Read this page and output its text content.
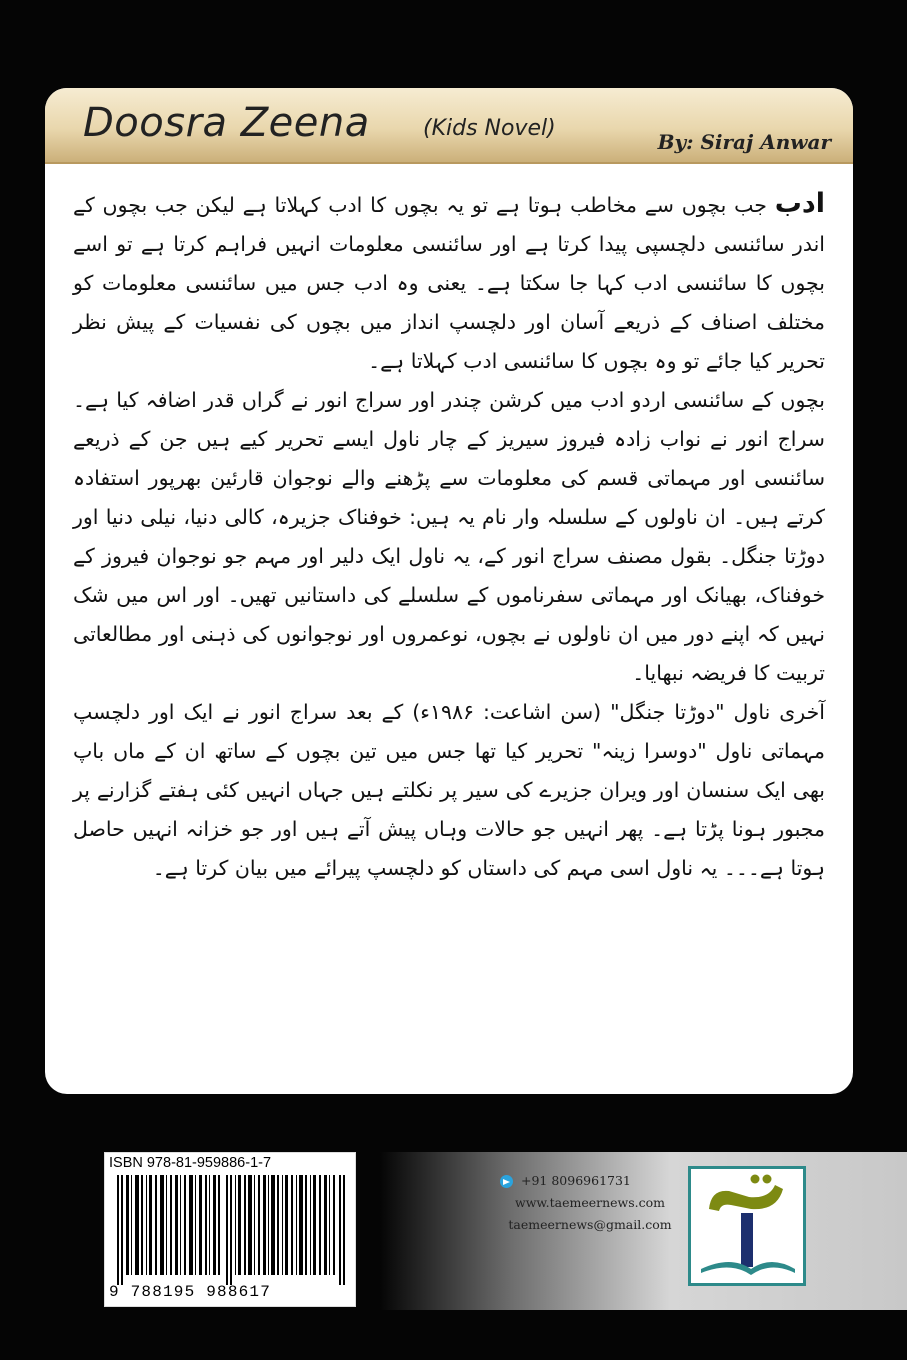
Doosra Zeena (Kids Novel)
By: Siraj Anwar

ادب جب بچوں سے مخاطب ہوتا ہے تو یہ بچوں کا ادب کہلاتا ہے لیکن جب بچوں کے اندر سائنسی دلچسپی پیدا کرتا ہے اور سائنسی معلومات انہیں فراہم کرتا ہے تو اسے بچوں کا سائنسی ادب کہا جا سکتا ہے۔ یعنی وہ ادب جس میں سائنسی معلومات کو مختلف اصناف کے ذریعے آسان اور دلچسپ انداز میں بچوں کی نفسیات کے پیش نظر تحریر کیا جائے تو وہ بچوں کا سائنسی ادب کہلاتا ہے۔

بچوں کے سائنسی اردو ادب میں کرشن چندر اور سراج انور نے گراں قدر اضافہ کیا ہے۔ سراج انور نے نواب زادہ فیروز سیریز کے چار ناول ایسے تحریر کیے ہیں جن کے ذریعے سائنسی اور مہماتی قسم کی معلومات سے پڑھنے والے نوجوان قارئین بھرپور استفادہ کرتے ہیں۔ ان ناولوں کے سلسلہ وار نام یہ ہیں: خوفناک جزیرہ، کالی دنیا، نیلی دنیا اور دوڑتا جنگل۔ بقول مصنف سراج انور کے، یہ ناول ایک دلیر اور مہم جو نوجوان فیروز کے خوفناک، بھیانک اور مہماتی سفرناموں کے سلسلے کی داستانیں تھیں۔ اور اس میں شک نہیں کہ اپنے دور میں ان ناولوں نے بچوں، نوعمروں اور نوجوانوں کی ذہنی اور مطالعاتی تربیت کا فریضہ نبھایا۔

آخری ناول "دوڑتا جنگل" (سن اشاعت: ۱۹۸۶ء) کے بعد سراج انور نے ایک اور دلچسپ مہماتی ناول "دوسرا زینہ" تحریر کیا تھا جس میں تین بچوں کے ساتھ ان کے ماں باپ بھی ایک سنسان اور ویران جزیرے کی سیر پر نکلتے ہیں جہاں انہیں کئی ہفتے گزارنے پر مجبور ہونا پڑتا ہے۔ پھر انہیں جو حالات وہاں پیش آتے ہیں اور جو خزانہ انہیں حاصل ہوتا ہے۔۔۔ یہ ناول اسی مہم کی داستاں کو دلچسپ پیرائے میں بیان کرتا ہے۔

ISBN 978-81-959886-1-7
9 788195 988617
+91 8096961731
www.taemeernews.com
taemeernews@gmail.com
